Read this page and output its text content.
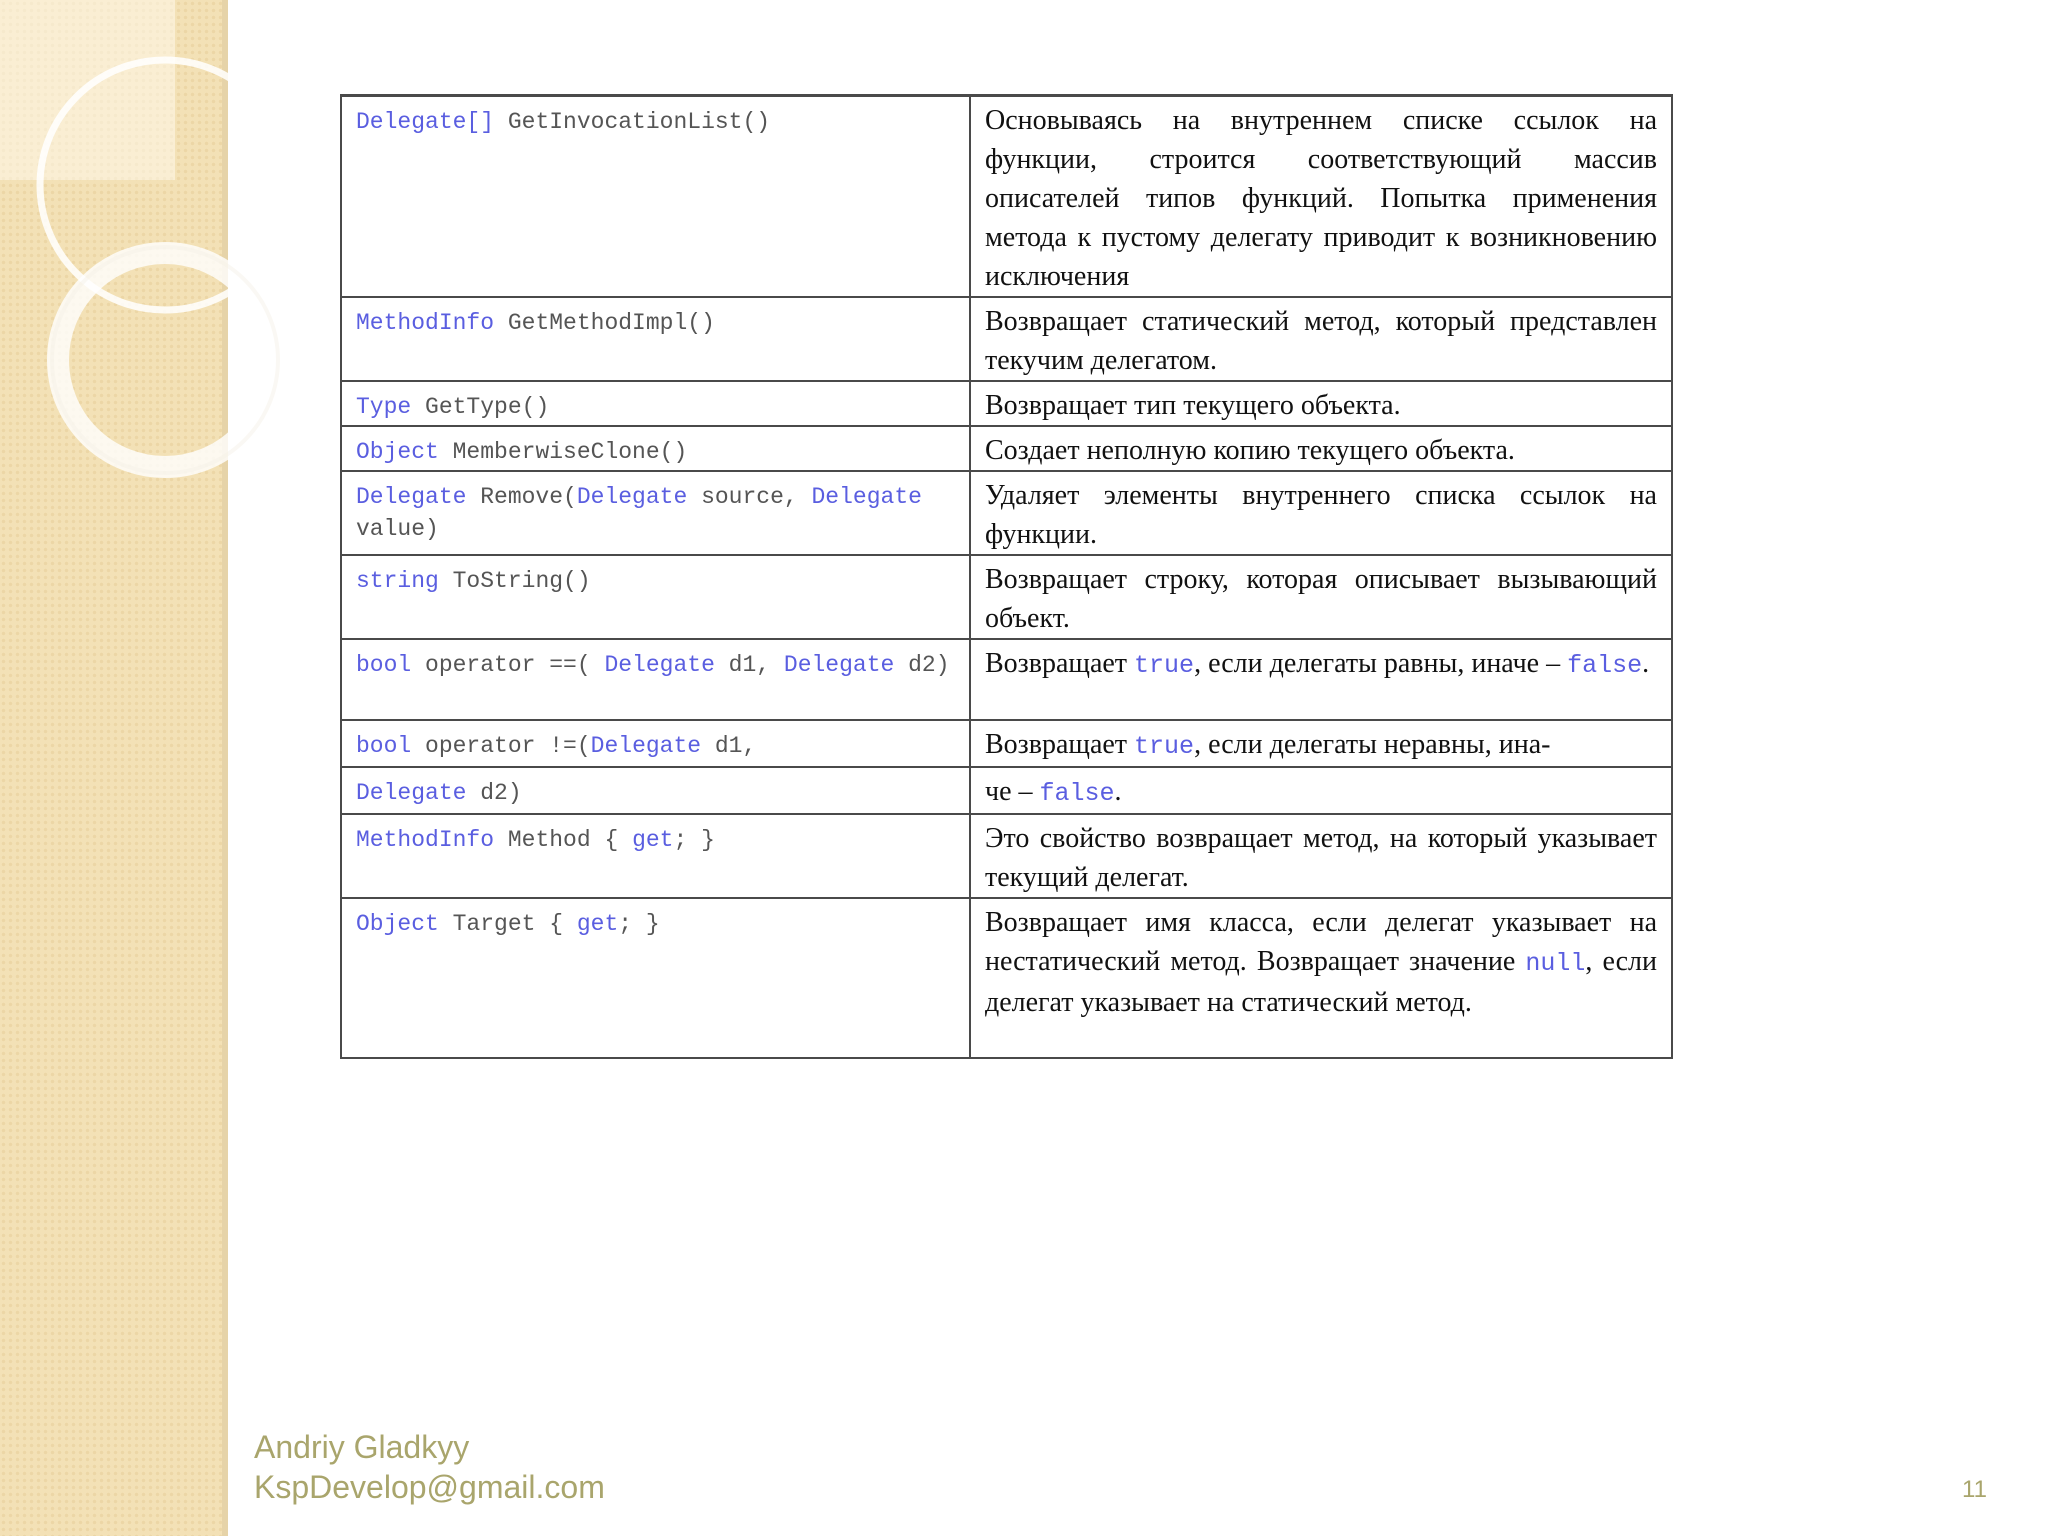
Delegate[] GetInvocationList()	Основываясь на внутреннем списке ссылок на функции, строится соответствующий массив описателей типов функций. Попытка применения метода к пустому делегату приводит к возникновению исключения
MethodInfo GetMethodImpl()	Возвращает статический метод, который представлен текучим делегатом.
Type GetType()	Возвращает тип текущего объекта.
Object MemberwiseClone()	Создает неполную копию текущего объекта.
Delegate Remove(Delegate source, Delegate value)	Удаляет элементы внутреннего списка ссылок на функции.
string ToString()	Возвращает строку, которая описывает вызывающий объект.
bool operator ==( Delegate d1, Delegate d2)	Возвращает true, если делегаты равны, иначе – false.
bool operator !=(Delegate d1,	Возвращает true, если делегаты неравны, ина-
Delegate d2)	че – false.
MethodInfo Method { get; }	Это свойство возвращает метод, на который указывает текущий делегат.
Object Target { get; }	Возвращает имя класса, если делегат указывает на нестатический метод. Возвращает значение null, если делегат указывает на статический метод.
Andriy Gladkyy
KspDevelop@gmail.com	11
